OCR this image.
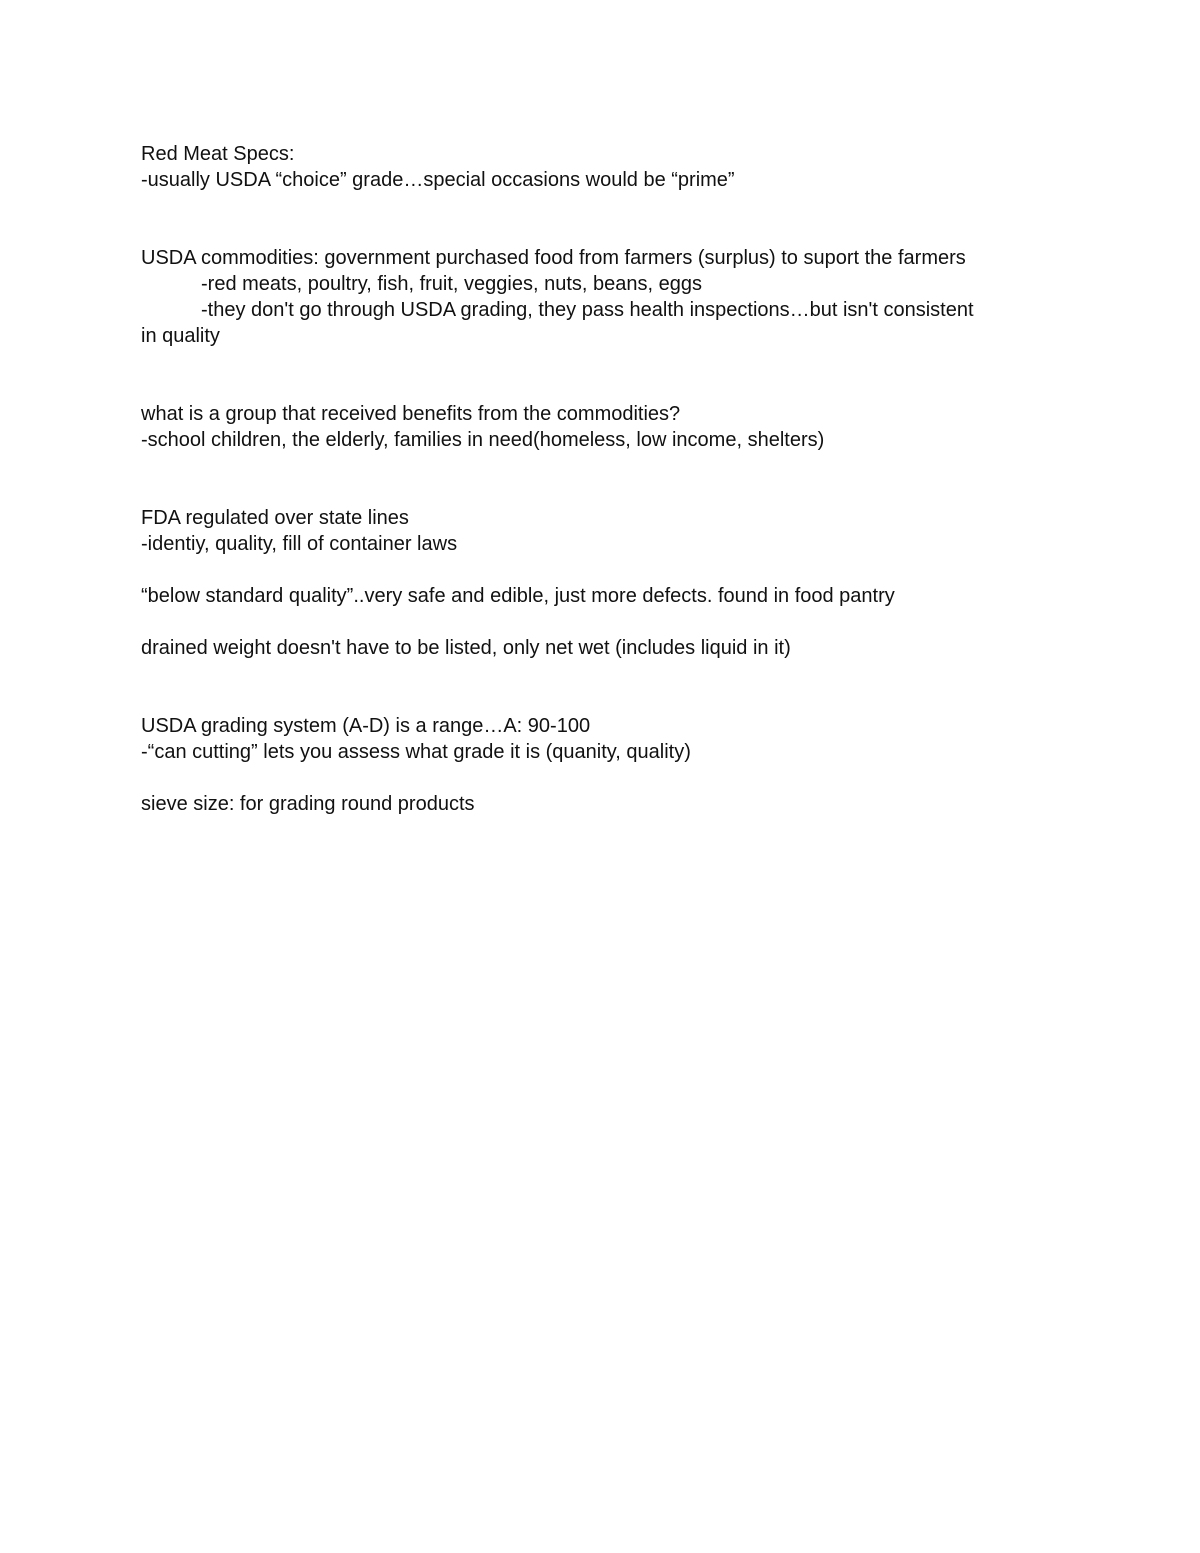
Red Meat Specs:
-usually USDA “choice” grade…special occasions would be “prime”
USDA commodities: government purchased food from farmers (surplus) to suport the farmers
-red meats, poultry, fish, fruit, veggies, nuts, beans, eggs
-they don't go through USDA grading, they pass health inspections…but isn't consistent
in quality
what is a group that received benefits from the commodities?
-school children, the elderly, families in need(homeless, low income, shelters)
FDA regulated over state lines
-identiy, quality, fill of container laws
“below standard quality”..very safe and edible, just more defects. found in food pantry
drained weight doesn't have to be listed, only net wet (includes liquid in it)
USDA grading system (A-D) is a range…A: 90-100
-“can cutting” lets you assess what grade it is (quanity, quality)
sieve size: for grading round products
